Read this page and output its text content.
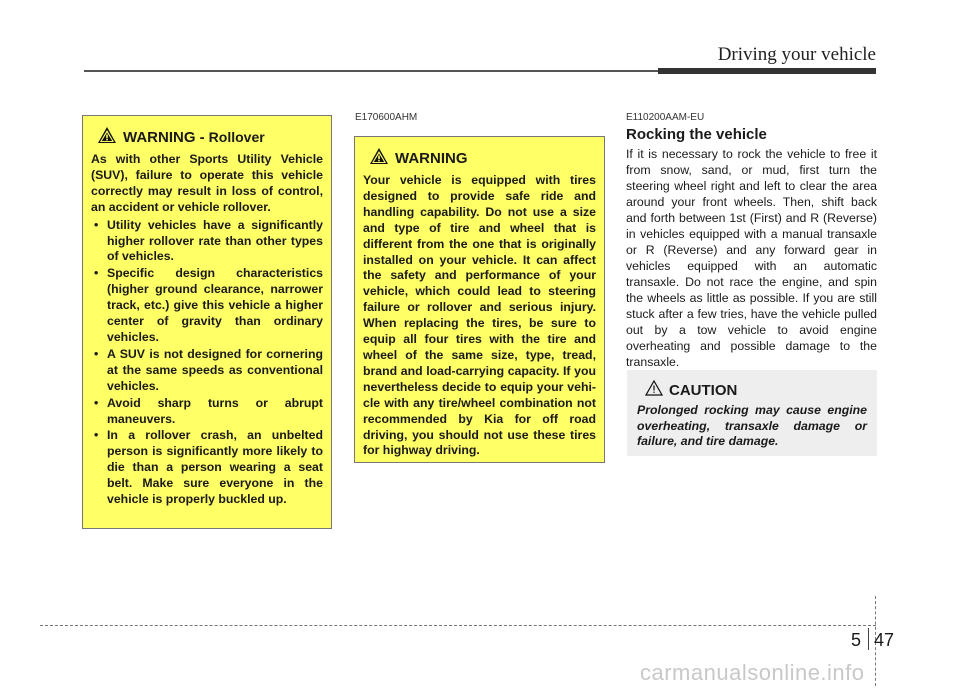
Driving your vehicle
WARNING - Rollover
As with other Sports Utility Vehicle (SUV), failure to operate this vehicle correctly may result in loss of control, an accident or vehicle rollover.
• Utility vehicles have a significantly higher rollover rate than other types of vehicles.
• Specific design characteristics (higher ground clearance, narrower track, etc.) give this vehicle a higher center of gravity than ordinary vehicles.
• A SUV is not designed for cornering at the same speeds as conventional vehicles.
• Avoid sharp turns or abrupt maneuvers.
• In a rollover crash, an unbelted person is significantly more likely to die than a person wearing a seat belt. Make sure everyone in the vehicle is properly buckled up.
E170600AHM
WARNING
Your vehicle is equipped with tires designed to provide safe ride and handling capability. Do not use a size and type of tire and wheel that is different from the one that is originally installed on your vehicle. It can affect the safety and performance of your vehicle, which could lead to steering failure or rollover and serious injury. When replacing the tires, be sure to equip all four tires with the tire and wheel of the same size, type, tread, brand and load-carrying capacity. If you nevertheless decide to equip your vehicle with any tire/wheel combination not recommended by Kia for off road driving, you should not use these tires for highway driving.
E110200AAM-EU
Rocking the vehicle
If it is necessary to rock the vehicle to free it from snow, sand, or mud, first turn the steering wheel right and left to clear the area around your front wheels. Then, shift back and forth between 1st (First) and R (Reverse) in vehicles equipped with a manual transaxle or R (Reverse) and any forward gear in vehicles equipped with an automatic transaxle. Do not race the engine, and spin the wheels as little as possible. If you are still stuck after a few tries, have the vehicle pulled out by a tow vehicle to avoid engine overheating and possible damage to the transaxle.
CAUTION
Prolonged rocking may cause engine overheating, transaxle damage or failure, and tire damage.
5 47
carmanualsonline.info
